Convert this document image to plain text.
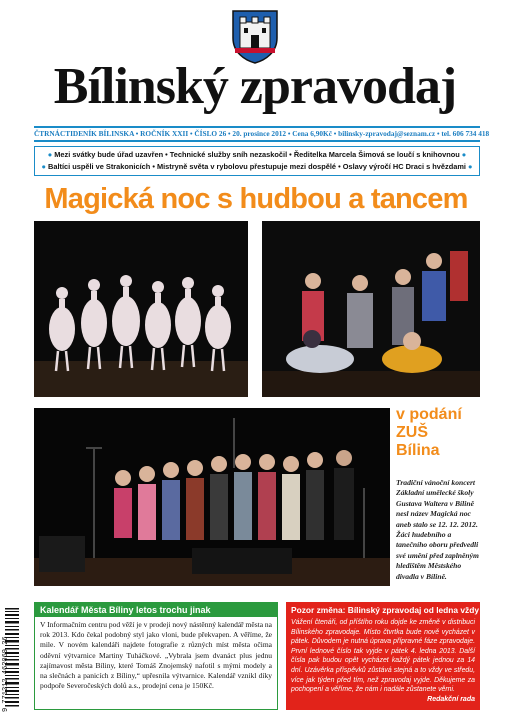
Bílinský zpravodaj
ČTRNÁCTIDENÍK BÍLINSKA • ROČNÍK XXII • ČÍSLO 26 • 20. prosince 2012 • Cena 6,90Kč • bilinsky-zpravodaj@seznam.cz • tel. 606 734 418
● Mezi svátky bude úřad uzavřen • Technické služby sníh nezaskočil • Ředitelka Marcela Šimová se loučí s knihovnou ●
● Baltíci uspěli ve Strakonicích • Mistryně světa v rybolovu přestupuje mezi dospělé • Oslavy výročí HC Draci s hvězdami ●
Magická noc s hudbou a tancem
v podání
ZUŠ
Bílina
Tradiční vánoční koncert Základní umělecké školy Gustava Waltera v Bílině nesl název Magická noc aneb stalo se 12. 12. 2012. Žáci hudebního a tanečního oboru předvedli své umění před zaplněným hledištěm Městského divadla v Bílině.
9 771212 462069 26
Kalendář Města Bíliny letos trochu jinak
V Informačním centru pod věží je v prodeji nový nástěnný kalendář města na rok 2013. Kdo čekal podobný styl jako vloni, bude překvapen. A věříme, že mile. V novém kalendáři najdete fotografie z různých míst města očima oděvní výtvarnice Martiny Tuháčkové. „Vybrala jsem dvanáct plus jednu zajímavost města Bíliny, které Tomáš Znojemský nafotil s mými modely a na slečnách a panicích z Bíliny,“ upřesnila výtvarnice. Kalendář vznikl díky podpoře Severočeských dolů a.s., prodejní cena je 150Kč.
Pozor změna: Bílinský zpravodaj od ledna vždy v pátek
Vážení čtenáři, od příštího roku dojde ke změně v distribuci Bílinského zpravodaje. Místo čtvrtka bude nově vycházet v pátek. Důvodem je nutná úprava přípravné fáze zpravodaje. První lednové číslo tak vyjde v pátek 4. ledna 2013. Další čísla pak budou opět vycházet každý pátek jednou za 14 dní. Uzávěrka příspěvků zůstává stejná a to vždy ve středu, více jak týden před tím, než zpravodaj vyjde. Děkujeme za pochopení a věříme, že nám i nadále zůstanete věrni.
Redakční rada
